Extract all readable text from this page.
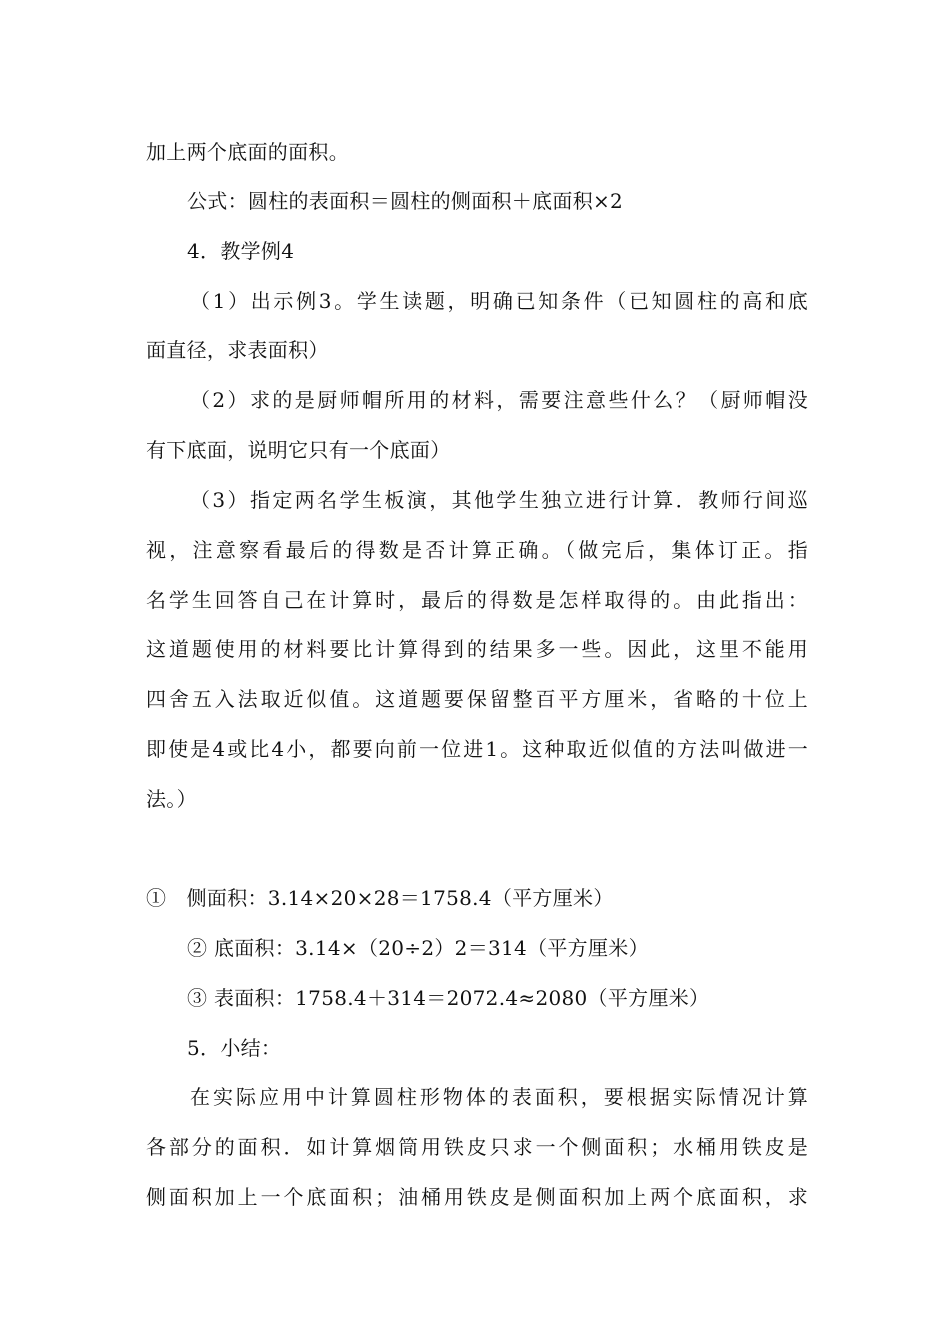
加上两个底面的面积。
公式：圆柱的表面积＝圆柱的侧面积＋底面积×2
4．教学例4
（1）出示例3。学生读题，明确已知条件（已知圆柱的高和底
面直径，求表面积）
（2）求的是厨师帽所用的材料，需要注意些什么？（厨师帽没
有下底面，说明它只有一个底面）
（3）指定两名学生板演，其他学生独立进行计算．教师行间巡
视，注意察看最后的得数是否计算正确。（做完后，集体订正。指
名学生回答自己在计算时，最后的得数是怎样取得的。由此指出：
这道题使用的材料要比计算得到的结果多一些。因此，这里不能用
四舍五入法取近似值。这道题要保留整百平方厘米，省略的十位上
即使是4或比4小，都要向前一位进1。这种取近似值的方法叫做进一
法。）
①　侧面积：3.14×20×28＝1758.4（平方厘米）
② 底面积：3.14×（20÷2）2＝314（平方厘米）
③ 表面积：1758.4＋314＝2072.4≈2080（平方厘米）
5．小结：
在实际应用中计算圆柱形物体的表面积，要根据实际情况计算
各部分的面积．如计算烟筒用铁皮只求一个侧面积；水桶用铁皮是
侧面积加上一个底面积；油桶用铁皮是侧面积加上两个底面积，求
